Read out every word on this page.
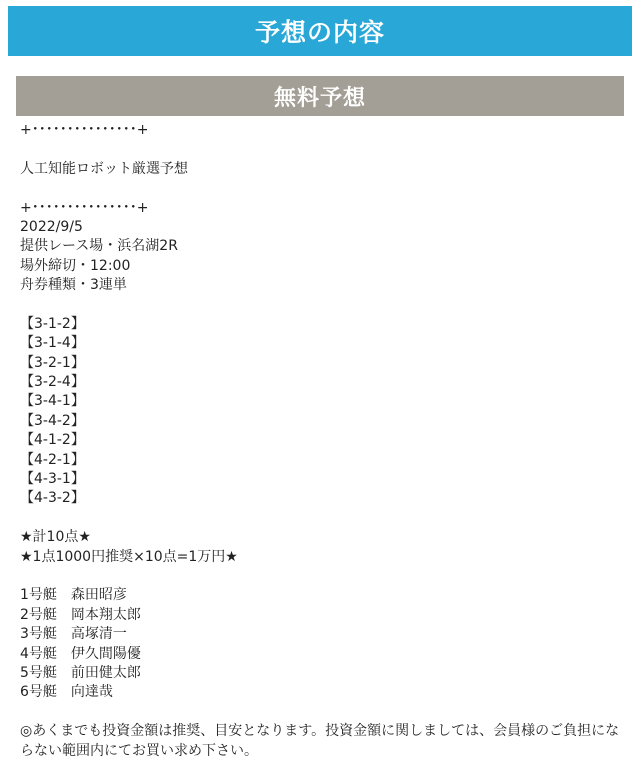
予想の内容
無料予想
+･･･････････････+
人工知能ロボット厳選予想
+･･･････････････+
2022/9/5
提供レース場・浜名湖2R
場外締切・12:00
舟券種類・3連単
【3-1-2】
【3-1-4】
【3-2-1】
【3-2-4】
【3-4-1】
【3-4-2】
【4-1-2】
【4-2-1】
【4-3-1】
【4-3-2】
★計10点★
★1点1000円推奨×10点=1万円★
1号艇　森田昭彦
2号艇　岡本翔太郎
3号艇　高塚清一
4号艇　伊久間陽優
5号艇　前田健太郎
6号艇　向達哉
◎あくまでも投資金額は推奨、目安となります。投資金額に関しましては、会員様のご負担にならない範囲内にてお買い求め下さい。
